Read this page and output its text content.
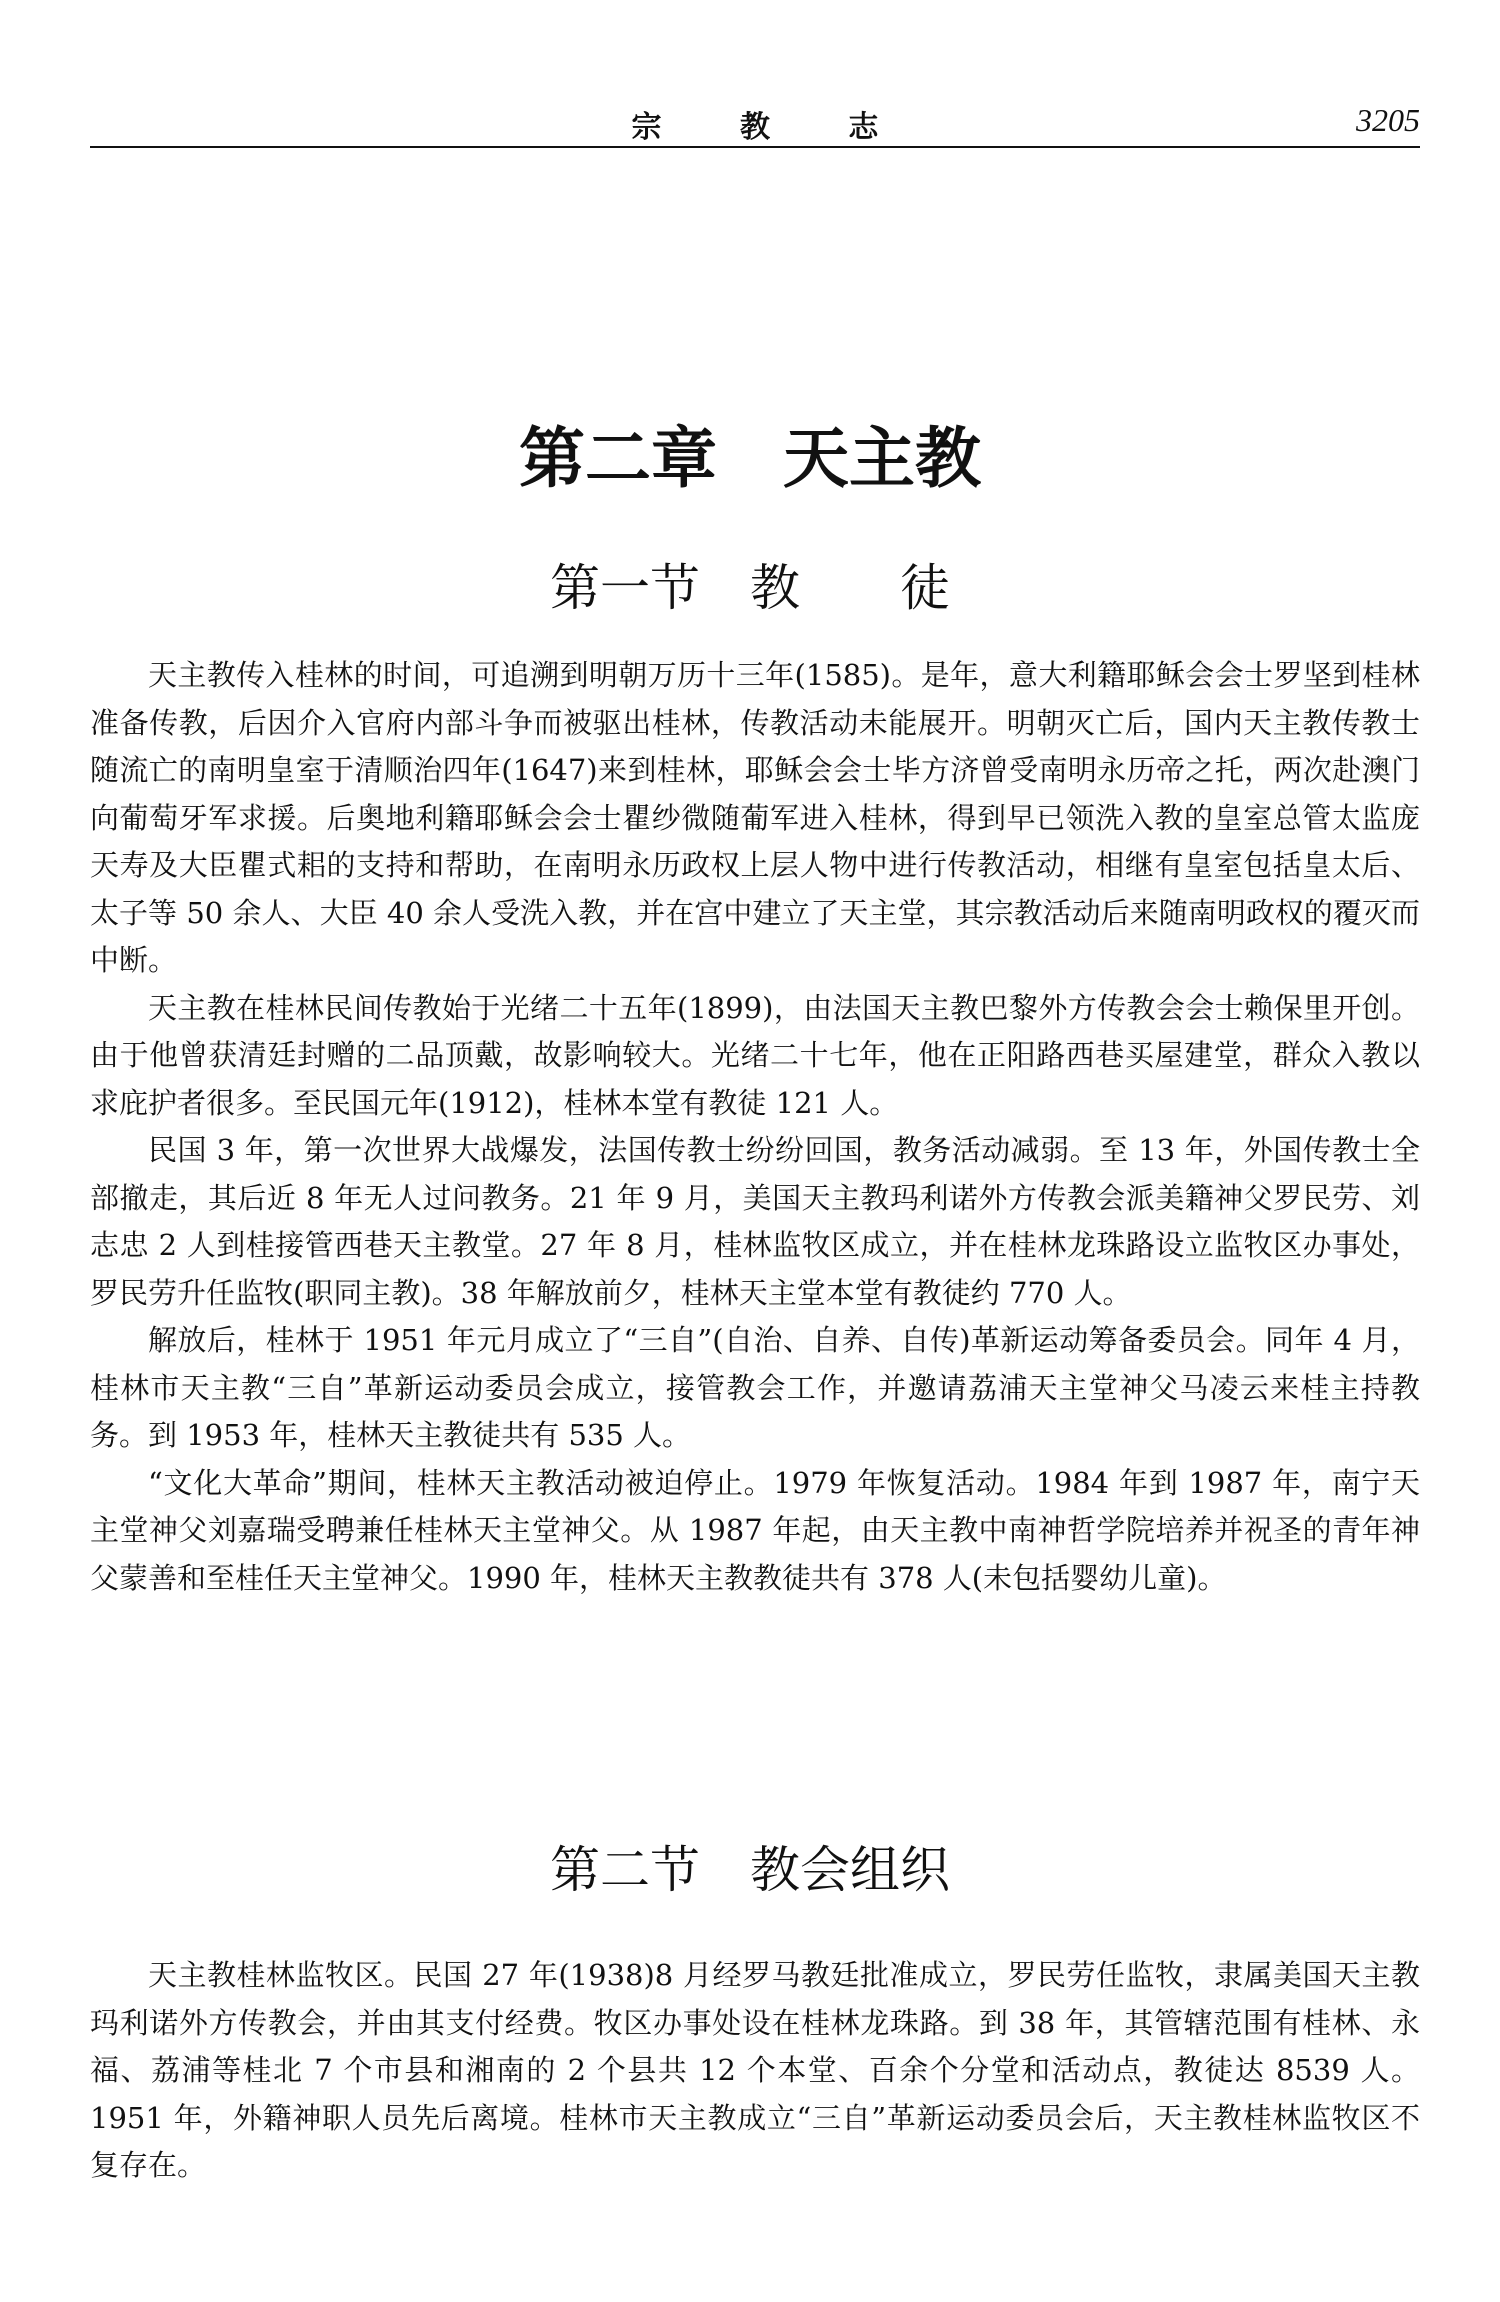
宗 教 志	3205
第二章　天主教
第一节　教　　徒

天主教传入桂林的时间，可追溯到明朝万历十三年(1585)。是年，意大利籍耶稣会会士罗坚到桂林准备传教，后因介入官府内部斗争而被驱出桂林，传教活动未能展开。明朝灭亡后，国内天主教传教士随流亡的南明皇室于清顺治四年(1647)来到桂林，耶稣会会士毕方济曾受南明永历帝之托，两次赴澳门向葡萄牙军求援。后奥地利籍耶稣会会士瞿纱微随葡军进入桂林，得到早已领洗入教的皇室总管太监庞天寿及大臣瞿式耜的支持和帮助，在南明永历政权上层人物中进行传教活动，相继有皇室包括皇太后、太子等 50 余人、大臣 40 余人受洗入教，并在宫中建立了天主堂，其宗教活动后来随南明政权的覆灭而中断。

天主教在桂林民间传教始于光绪二十五年(1899)，由法国天主教巴黎外方传教会会士赖保里开创。由于他曾获清廷封赠的二品顶戴，故影响较大。光绪二十七年，他在正阳路西巷买屋建堂，群众入教以求庇护者很多。至民国元年(1912)，桂林本堂有教徒 121 人。

民国 3 年，第一次世界大战爆发，法国传教士纷纷回国，教务活动减弱。至 13 年，外国传教士全部撤走，其后近 8 年无人过问教务。21 年 9 月，美国天主教玛利诺外方传教会派美籍神父罗民劳、刘志忠 2 人到桂接管西巷天主教堂。27 年 8 月，桂林监牧区成立，并在桂林龙珠路设立监牧区办事处，罗民劳升任监牧(职同主教)。38 年解放前夕，桂林天主堂本堂有教徒约 770 人。

解放后，桂林于 1951 年元月成立了“三自”(自治、自养、自传)革新运动筹备委员会。同年 4 月，桂林市天主教“三自”革新运动委员会成立，接管教会工作，并邀请荔浦天主堂神父马凌云来桂主持教务。到 1953 年，桂林天主教徒共有 535 人。

“文化大革命”期间，桂林天主教活动被迫停止。1979 年恢复活动。1984 年到 1987 年，南宁天主堂神父刘嘉瑞受聘兼任桂林天主堂神父。从 1987 年起，由天主教中南神哲学院培养并祝圣的青年神父蒙善和至桂任天主堂神父。1990 年，桂林天主教教徒共有 378 人(未包括婴幼儿童)。

第二节　教会组织

天主教桂林监牧区。民国 27 年(1938)8 月经罗马教廷批准成立，罗民劳任监牧，隶属美国天主教玛利诺外方传教会，并由其支付经费。牧区办事处设在桂林龙珠路。到 38 年，其管辖范围有桂林、永福、荔浦等桂北 7 个市县和湘南的 2 个县共 12 个本堂、百余个分堂和活动点，教徒达 8539 人。1951 年，外籍神职人员先后离境。桂林市天主教成立“三自”革新运动委员会后，天主教桂林监牧区不复存在。
